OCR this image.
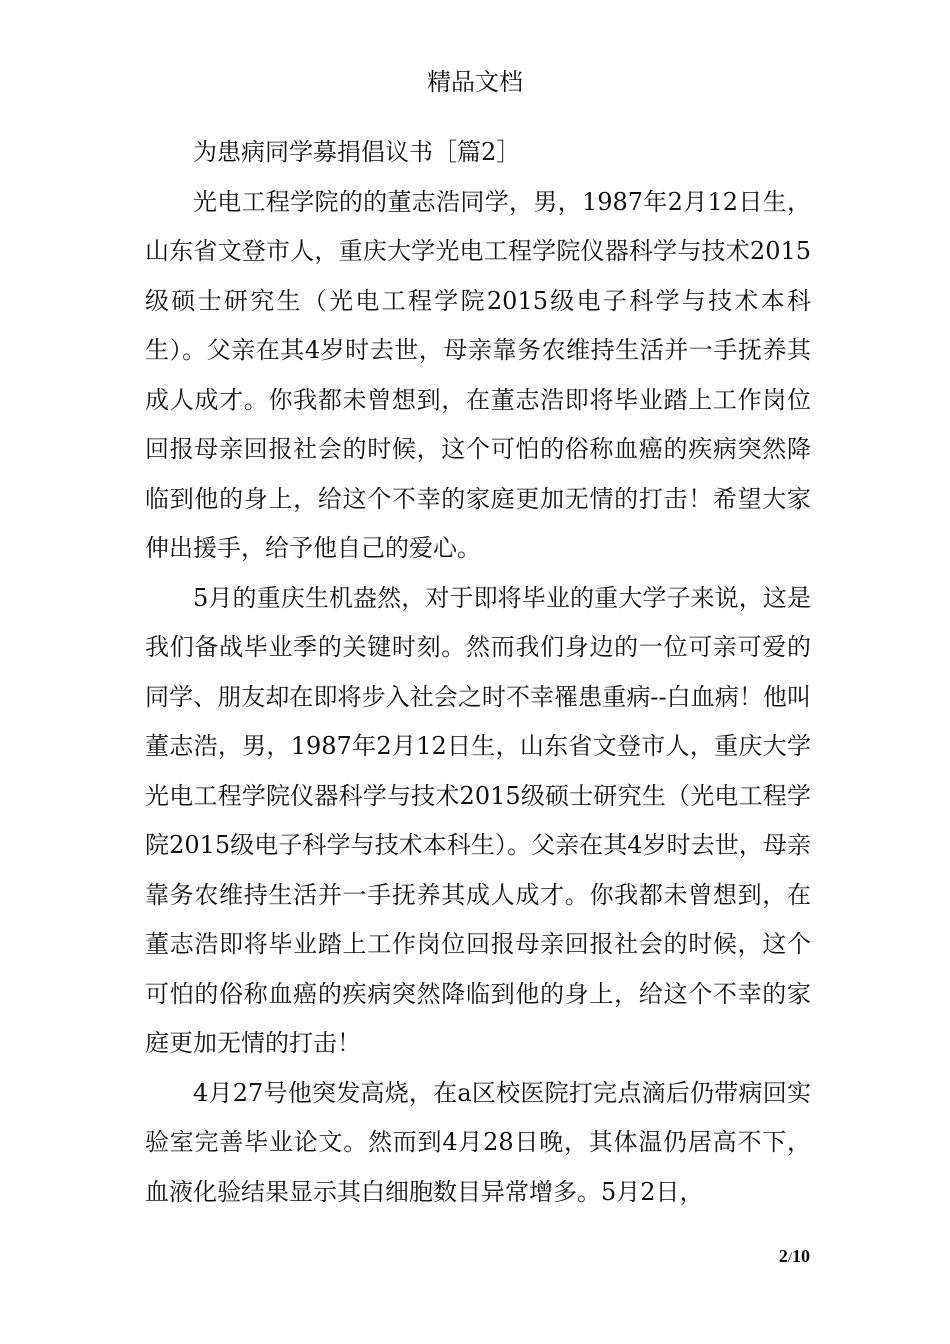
精品文档

为患病同学募捐倡议书［篇2］

光电工程学院的的董志浩同学，男，1987年2月12日生，山东省文登市人，重庆大学光电工程学院仪器科学与技术2015级硕士研究生（光电工程学院2015级电子科学与技术本科生）。父亲在其4岁时去世，母亲靠务农维持生活并一手抚养其成人成才。你我都未曾想到，在董志浩即将毕业踏上工作岗位回报母亲回报社会的时候，这个可怕的俗称血癌的疾病突然降临到他的身上，给这个不幸的家庭更加无情的打击！希望大家伸出援手，给予他自己的爱心。

5月的重庆生机盎然，对于即将毕业的重大学子来说，这是我们备战毕业季的关键时刻。然而我们身边的一位可亲可爱的同学、朋友却在即将步入社会之时不幸罹患重病--白血病！他叫董志浩，男，1987年2月12日生，山东省文登市人，重庆大学光电工程学院仪器科学与技术2015级硕士研究生（光电工程学院2015级电子科学与技术本科生）。父亲在其4岁时去世，母亲靠务农维持生活并一手抚养其成人成才。你我都未曾想到，在董志浩即将毕业踏上工作岗位回报母亲回报社会的时候，这个可怕的俗称血癌的疾病突然降临到他的身上，给这个不幸的家庭更加无情的打击！

4月27号他突发高烧，在a区校医院打完点滴后仍带病回实验室完善毕业论文。然而到4月28日晚，其体温仍居高不下，血液化验结果显示其白细胞数目异常增多。5月2日，

2/10
